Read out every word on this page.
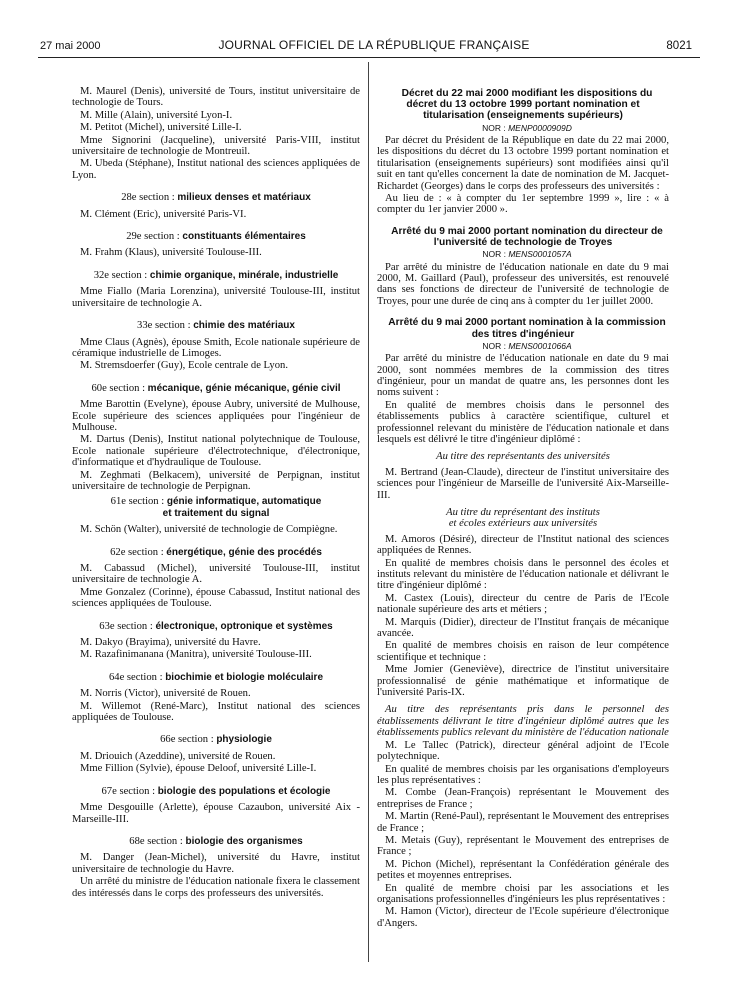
27 mai 2000	JOURNAL OFFICIEL DE LA RÉPUBLIQUE FRANÇAISE	8021

M. Maurel (Denis), université de Tours, institut universitaire de technologie de Tours.

M. Mille (Alain), université Lyon-I.

M. Petitot (Michel), université Lille-I.

Mme Signorini (Jacqueline), université Paris-VIII, institut universitaire de technologie de Montreuil.

M. Ubeda (Stéphane), Institut national des sciences appliquées de Lyon.

28e section : milieux denses et matériaux

M. Clément (Eric), université Paris-VI.

29e section : constituants élémentaires

M. Frahm (Klaus), université Toulouse-III.

32e section : chimie organique, minérale, industrielle

Mme Fiallo (Maria Lorenzina), université Toulouse-III, institut universitaire de technologie A.

33e section : chimie des matériaux

Mme Claus (Agnès), épouse Smith, Ecole nationale supérieure de céramique industrielle de Limoges.

M. Stremsdoerfer (Guy), Ecole centrale de Lyon.

60e section : mécanique, génie mécanique, génie civil

Mme Barottin (Evelyne), épouse Aubry, université de Mulhouse, Ecole supérieure des sciences appliquées pour l'ingénieur de Mulhouse.

M. Dartus (Denis), Institut national polytechnique de Toulouse, Ecole nationale supérieure d'électrotechnique, d'électronique, d'informatique et d'hydraulique de Toulouse.

M. Zeghmati (Belkacem), université de Perpignan, institut universitaire de technologie de Perpignan.

61e section : génie informatique, automatique
et traitement du signal

M. Schön (Walter), université de technologie de Compiègne.

62e section : énergétique, génie des procédés

M. Cabassud (Michel), université Toulouse-III, institut universitaire de technologie A.

Mme Gonzalez (Corinne), épouse Cabassud, Institut national des sciences appliquées de Toulouse.

63e section : électronique, optronique et systèmes

M. Dakyo (Brayima), université du Havre.

M. Razafinimanana (Manitra), université Toulouse-III.

64e section : biochimie et biologie moléculaire

M. Norris (Victor), université de Rouen.

M. Willemot (René-Marc), Institut national des sciences appliquées de Toulouse.

66e section : physiologie

M. Driouich (Azeddine), université de Rouen.

Mme Fillion (Sylvie), épouse Deloof, université Lille-I.

67e section : biologie des populations et écologie

Mme Desgouille (Arlette), épouse Cazaubon, université Aix - Marseille-III.

68e section : biologie des organismes

M. Danger (Jean-Michel), université du Havre, institut universitaire de technologie du Havre.

Un arrêté du ministre de l'éducation nationale fixera le classement des intéressés dans le corps des professeurs des universités.

Décret du 22 mai 2000 modifiant les dispositions du décret du 13 octobre 1999 portant nomination et titularisation (enseignements supérieurs)

NOR : MENP0000909D

Par décret du Président de la République en date du 22 mai 2000, les dispositions du décret du 13 octobre 1999 portant nomination et titularisation (enseignements supérieurs) sont modifiées ainsi qu'il suit en tant qu'elles concernent la date de nomination de M. Jacquet-Richardet (Georges) dans le corps des professeurs des universités :

Au lieu de : « à compter du 1er septembre 1999 », lire : « à compter du 1er janvier 2000 ».

Arrêté du 9 mai 2000 portant nomination du directeur de l'université de technologie de Troyes

NOR : MENS0001057A

Par arrêté du ministre de l'éducation nationale en date du 9 mai 2000, M. Gaillard (Paul), professeur des universités, est renouvelé dans ses fonctions de directeur de l'université de technologie de Troyes, pour une durée de cinq ans à compter du 1er juillet 2000.

Arrêté du 9 mai 2000 portant nomination à la commission des titres d'ingénieur

NOR : MENS0001066A

Par arrêté du ministre de l'éducation nationale en date du 9 mai 2000, sont nommées membres de la commission des titres d'ingénieur, pour un mandat de quatre ans, les personnes dont les noms suivent :

En qualité de membres choisis dans le personnel des établissements publics à caractère scientifique, culturel et professionnel relevant du ministère de l'éducation nationale et dans lesquels est délivré le titre d'ingénieur diplômé :

Au titre des représentants des universités

M. Bertrand (Jean-Claude), directeur de l'institut universitaire des sciences pour l'ingénieur de Marseille de l'université Aix-Marseille-III.

Au titre du représentant des instituts
et écoles extérieurs aux universités

M. Amoros (Désiré), directeur de l'Institut national des sciences appliquées de Rennes.

En qualité de membres choisis dans le personnel des écoles et instituts relevant du ministère de l'éducation nationale et délivrant le titre d'ingénieur diplômé :

M. Castex (Louis), directeur du centre de Paris de l'Ecole nationale supérieure des arts et métiers ;

M. Marquis (Didier), directeur de l'Institut français de mécanique avancée.

En qualité de membres choisis en raison de leur compétence scientifique et technique :

Mme Jomier (Geneviève), directrice de l'institut universitaire professionnalisé de génie mathématique et informatique de l'université Paris-IX.

Au titre des représentants pris dans le personnel des établissements délivrant le titre d'ingénieur diplômé autres que les établissements publics relevant du ministère de l'éducation nationale

M. Le Tallec (Patrick), directeur général adjoint de l'Ecole polytechnique.

En qualité de membres choisis par les organisations d'employeurs les plus représentatives :

M. Combe (Jean-François) représentant le Mouvement des entreprises de France ;

M. Martin (René-Paul), représentant le Mouvement des entreprises de France ;

M. Metais (Guy), représentant le Mouvement des entreprises de France ;

M. Pichon (Michel), représentant la Confédération générale des petites et moyennes entreprises.

En qualité de membre choisi par les associations et les organisations professionnelles d'ingénieurs les plus représentatives :

M. Hamon (Victor), directeur de l'Ecole supérieure d'électronique d'Angers.
